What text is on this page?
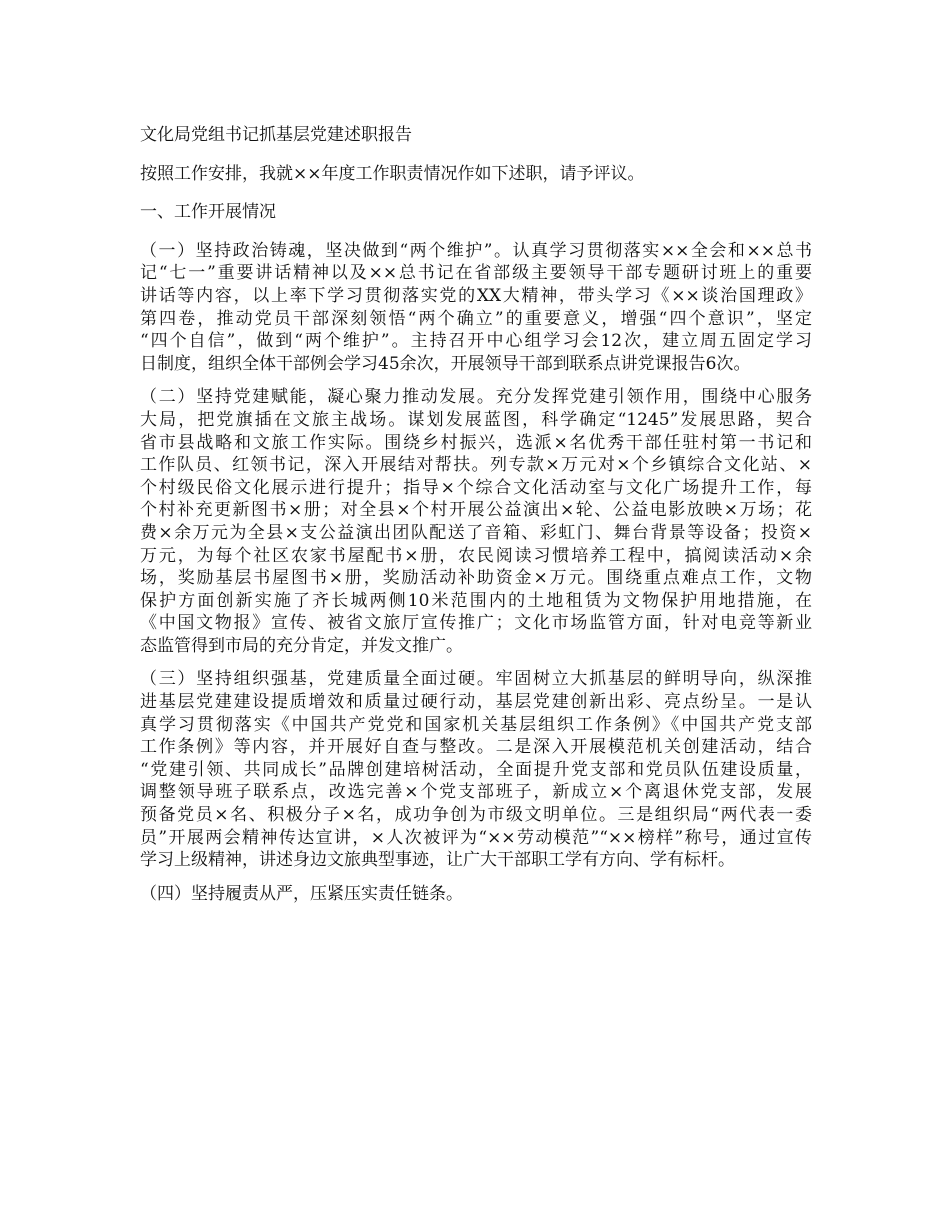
文化局党组书记抓基层党建述职报告

按照工作安排，我就××年度工作职责情况作如下述职，请予评议。

一、工作开展情况

（一）坚持政治铸魂，坚决做到“两个维护”。认真学习贯彻落实××全会和××总书

记“七一”重要讲话精神以及××总书记在省部级主要领导干部专题研讨班上的重要

讲话等内容，以上率下学习贯彻落实党的XX大精神，带头学习《××谈治国理政》

第四卷，推动党员干部深刻领悟“两个确立”的重要意义，增强“四个意识”，坚定

“四个自信”，做到“两个维护”。主持召开中心组学习会12次，建立周五固定学习

日制度，组织全体干部例会学习45余次，开展领导干部到联系点讲党课报告6次。

（二）坚持党建赋能，凝心聚力推动发展。充分发挥党建引领作用，围绕中心服务

大局，把党旗插在文旅主战场。谋划发展蓝图，科学确定“1245”发展思路，契合

省市县战略和文旅工作实际。围绕乡村振兴，选派×名优秀干部任驻村第一书记和

工作队员、红领书记，深入开展结对帮扶。列专款×万元对×个乡镇综合文化站、×

个村级民俗文化展示进行提升；指导×个综合文化活动室与文化广场提升工作，每

个村补充更新图书×册；对全县×个村开展公益演出×轮、公益电影放映×万场；花

费×余万元为全县×支公益演出团队配送了音箱、彩虹门、舞台背景等设备；投资×

万元，为每个社区农家书屋配书×册，农民阅读习惯培养工程中，搞阅读活动×余

场，奖励基层书屋图书×册，奖励活动补助资金×万元。围绕重点难点工作，文物

保护方面创新实施了齐长城两侧10米范围内的土地租赁为文物保护用地措施，在

《中国文物报》宣传、被省文旅厅宣传推广；文化市场监管方面，针对电竞等新业

态监管得到市局的充分肯定，并发文推广。

（三）坚持组织强基，党建质量全面过硬。牢固树立大抓基层的鲜明导向，纵深推

进基层党建建设提质增效和质量过硬行动，基层党建创新出彩、亮点纷呈。一是认

真学习贯彻落实《中国共产党党和国家机关基层组织工作条例》《中国共产党支部

工作条例》等内容，并开展好自查与整改。二是深入开展模范机关创建活动，结合

“党建引领、共同成长”品牌创建培树活动，全面提升党支部和党员队伍建设质量，

调整领导班子联系点，改选完善×个党支部班子，新成立×个离退休党支部，发展

预备党员×名、积极分子×名，成功争创为市级文明单位。三是组织局“两代表一委

员”开展两会精神传达宣讲，×人次被评为“××劳动模范”“××榜样”称号，通过宣传

学习上级精神，讲述身边文旅典型事迹，让广大干部职工学有方向、学有标杆。

（四）坚持履责从严，压紧压实责任链条。
